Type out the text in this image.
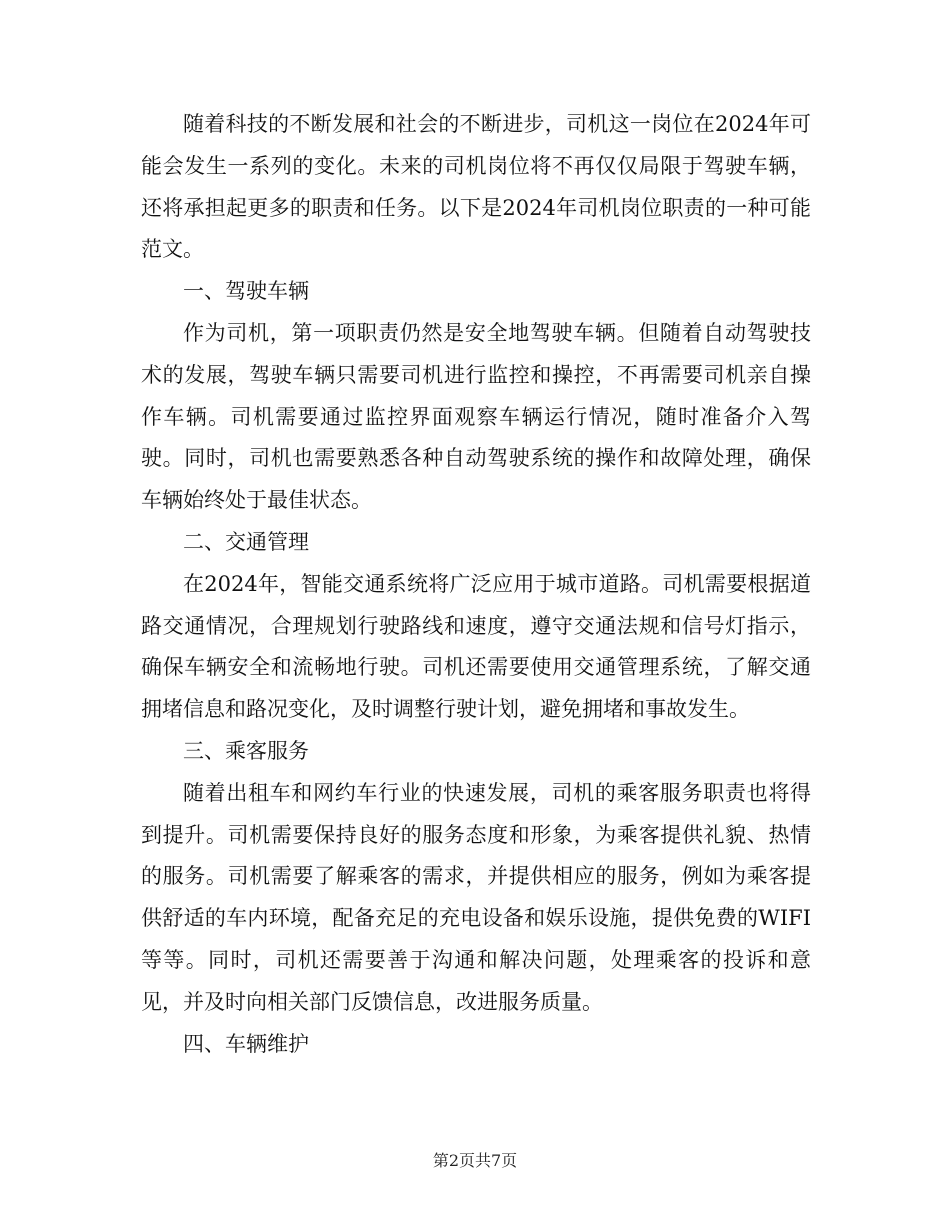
随着科技的不断发展和社会的不断进步，司机这一岗位在2024年可能会发生一系列的变化。未来的司机岗位将不再仅仅局限于驾驶车辆，还将承担起更多的职责和任务。以下是2024年司机岗位职责的一种可能范文。

一、驾驶车辆

作为司机，第一项职责仍然是安全地驾驶车辆。但随着自动驾驶技术的发展，驾驶车辆只需要司机进行监控和操控，不再需要司机亲自操作车辆。司机需要通过监控界面观察车辆运行情况，随时准备介入驾驶。同时，司机也需要熟悉各种自动驾驶系统的操作和故障处理，确保车辆始终处于最佳状态。

二、交通管理

在2024年，智能交通系统将广泛应用于城市道路。司机需要根据道路交通情况，合理规划行驶路线和速度，遵守交通法规和信号灯指示，确保车辆安全和流畅地行驶。司机还需要使用交通管理系统，了解交通拥堵信息和路况变化，及时调整行驶计划，避免拥堵和事故发生。

三、乘客服务

随着出租车和网约车行业的快速发展，司机的乘客服务职责也将得到提升。司机需要保持良好的服务态度和形象，为乘客提供礼貌、热情的服务。司机需要了解乘客的需求，并提供相应的服务，例如为乘客提供舒适的车内环境，配备充足的充电设备和娱乐设施，提供免费的WIFI等等。同时，司机还需要善于沟通和解决问题，处理乘客的投诉和意见，并及时向相关部门反馈信息，改进服务质量。

四、车辆维护
第2页共7页
